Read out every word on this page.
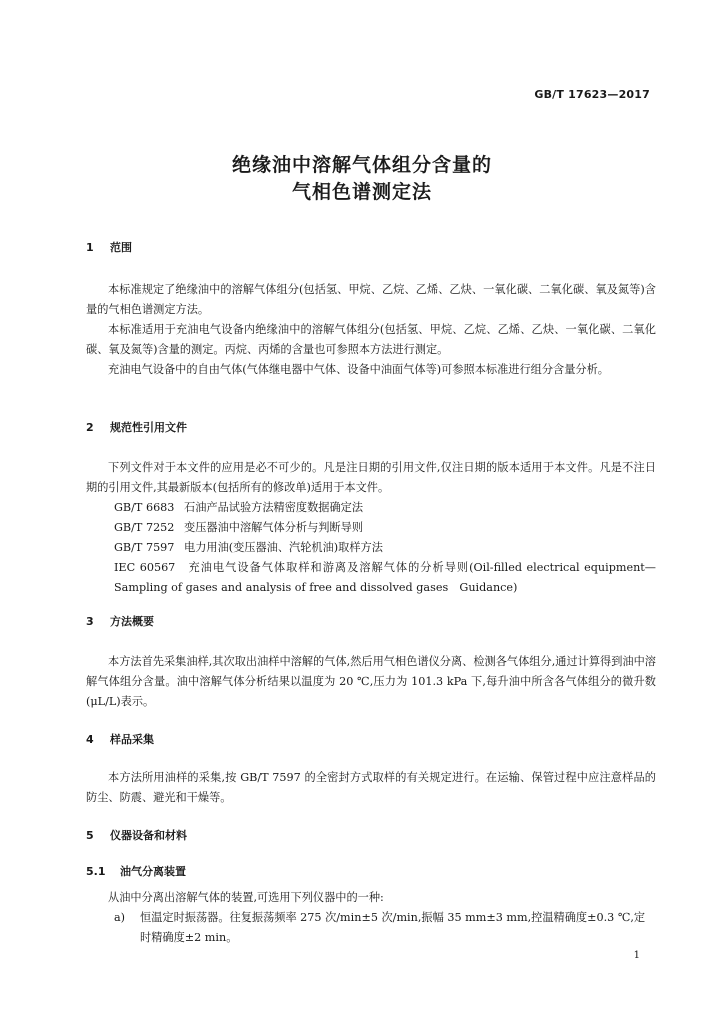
GB/T 17623—2017
绝缘油中溶解气体组分含量的
气相色谱测定法
1 范围

本标准规定了绝缘油中的溶解气体组分(包括氢、甲烷、乙烷、乙烯、乙炔、一氧化碳、二氧化碳、氧及氮等)含量的气相色谱测定方法。

本标准适用于充油电气设备内绝缘油中的溶解气体组分(包括氢、甲烷、乙烷、乙烯、乙炔、一氧化碳、二氧化碳、氧及氮等)含量的测定。丙烷、丙烯的含量也可参照本方法进行测定。

充油电气设备中的自由气体(气体继电器中气体、设备中油面气体等)可参照本标准进行组分含量分析。

2 规范性引用文件

下列文件对于本文件的应用是必不可少的。凡是注日期的引用文件,仅注日期的版本适用于本文件。凡是不注日期的引用文件,其最新版本(包括所有的修改单)适用于本文件。

GB/T 6683 石油产品试验方法精密度数据确定法
GB/T 7252 变压器油中溶解气体分析与判断导则
GB/T 7597 电力用油(变压器油、汽轮机油)取样方法
IEC 60567　充油电气设备气体取样和游离及溶解气体的分析导则(Oil-filled electrical equipment—Sampling of gases and analysis of free and dissolved gases　Guidance)
3 方法概要

本方法首先采集油样,其次取出油样中溶解的气体,然后用气相色谱仪分离、检测各气体组分,通过计算得到油中溶解气体组分含量。油中溶解气体分析结果以温度为 20 ℃,压力为 101.3 kPa 下,每升油中所含各气体组分的微升数(μL/L)表示。

4 样品采集

本方法所用油样的采集,按 GB/T 7597 的全密封方式取样的有关规定进行。在运输、保管过程中应注意样品的防尘、防震、避光和干燥等。

5 仪器设备和材料
5.1 油气分离装置

从油中分离出溶解气体的装置,可选用下列仪器中的一种:

a)	恒温定时振荡器。往复振荡频率 275 次/min±5 次/min,振幅 35 mm±3 mm,控温精确度±0.3 ℃,定时精确度±2 min。
1
